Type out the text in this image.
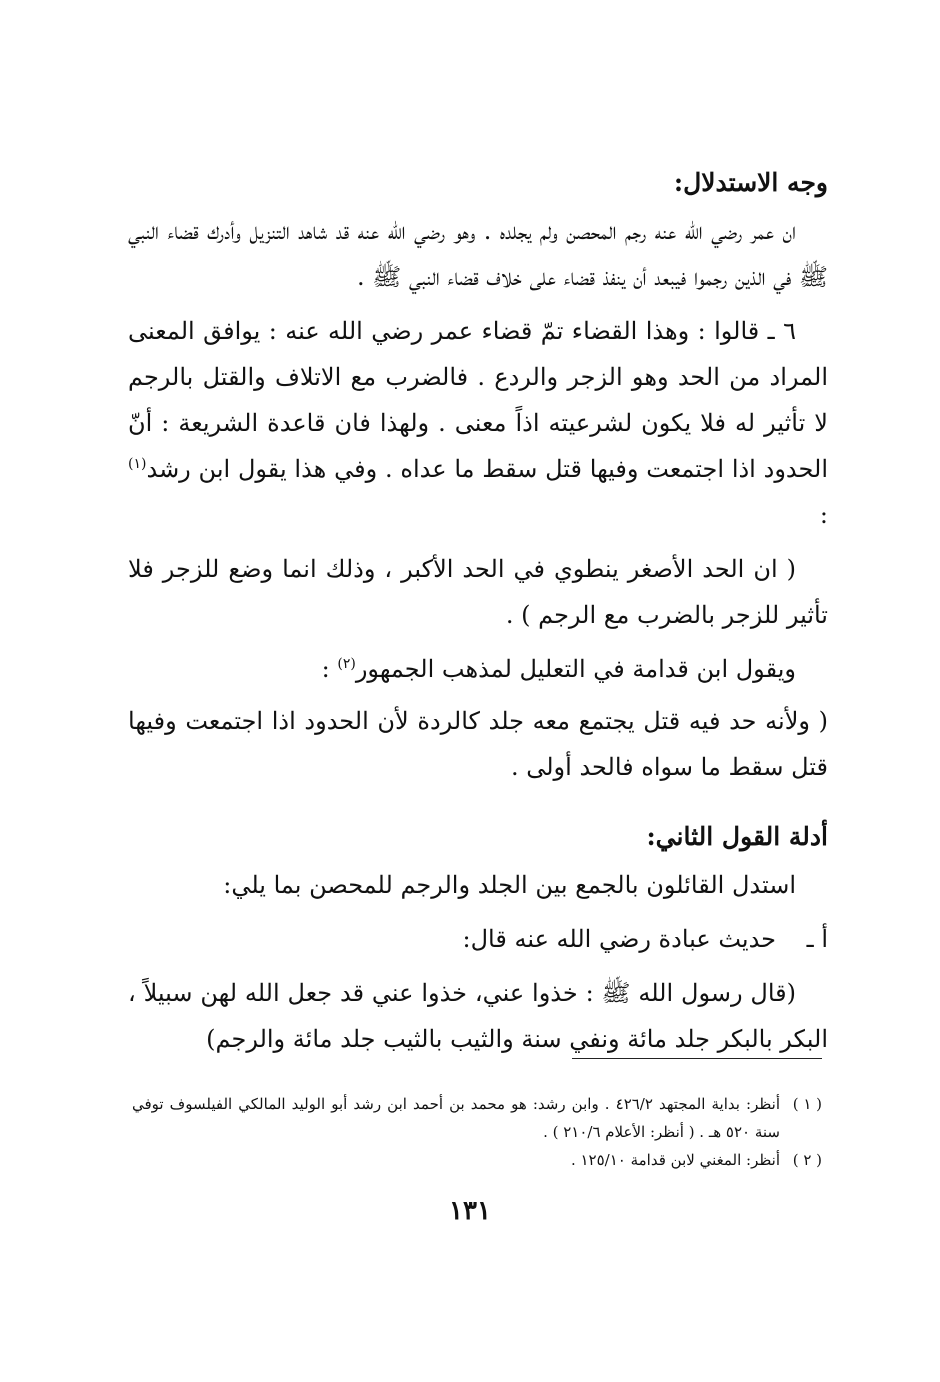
وجه الاستدلال:

ان عمر رضي الله عنه رجم المحصن ولم يجلده . وهو رضي الله عنه قد شاهد التنزيل وأدرك قضاء النبي ﷺ في الذين رجموا فيبعد أن ينفذ قضاء على خلاف قضاء النبي ﷺ .

٦ ـ قالوا : وهذا القضاء تمّ قضاء عمر رضي الله عنه : يوافق المعنى المراد من الحد وهو الزجر والردع . فالضرب مع الاتلاف والقتل بالرجم لا تأثير له فلا يكون لشرعيته اذاً معنى . ولهذا فان قاعدة الشريعة : أنّ الحدود اذا اجتمعت وفيها قتل سقط ما عداه . وفي هذا يقول ابن رشد$^{(١)}$ :

( ان الحد الأصغر ينطوي في الحد الأكبر ، وذلك انما وضع للزجر فلا تأثير للزجر بالضرب مع الرجم ) .

ويقول ابن قدامة في التعليل لمذهب الجمهور$^{(٢)}$ :

( ولأنه حد فيه قتل يجتمع معه جلد كالردة لأن الحدود اذا اجتمعت وفيها قتل سقط ما سواه فالحد أولى .

أدلة القول الثاني:

استدل القائلون بالجمع بين الجلد والرجم للمحصن بما يلي:

أ ـ
حديث عبادة رضي الله عنه قال:

(قال رسول الله ﷺ : خذوا عني، خذوا عني قد جعل الله لهن سبيلاً ، البكر بالبكر جلد مائة ونفي سنة والثيب بالثيب جلد مائة والرجم)

( ١ )
أنظر: بداية المجتهد ٤٢٦/٢ . وابن رشد: هو محمد بن أحمد ابن رشد أبو الوليد المالكي الفيلسوف توفي سنة ٥٢٠ هـ . ( أنظر: الأعلام ٢١٠/٦ ) .
( ٢ )
أنظر: المغني لابن قدامة ١٢٥/١٠ .
١٣١
